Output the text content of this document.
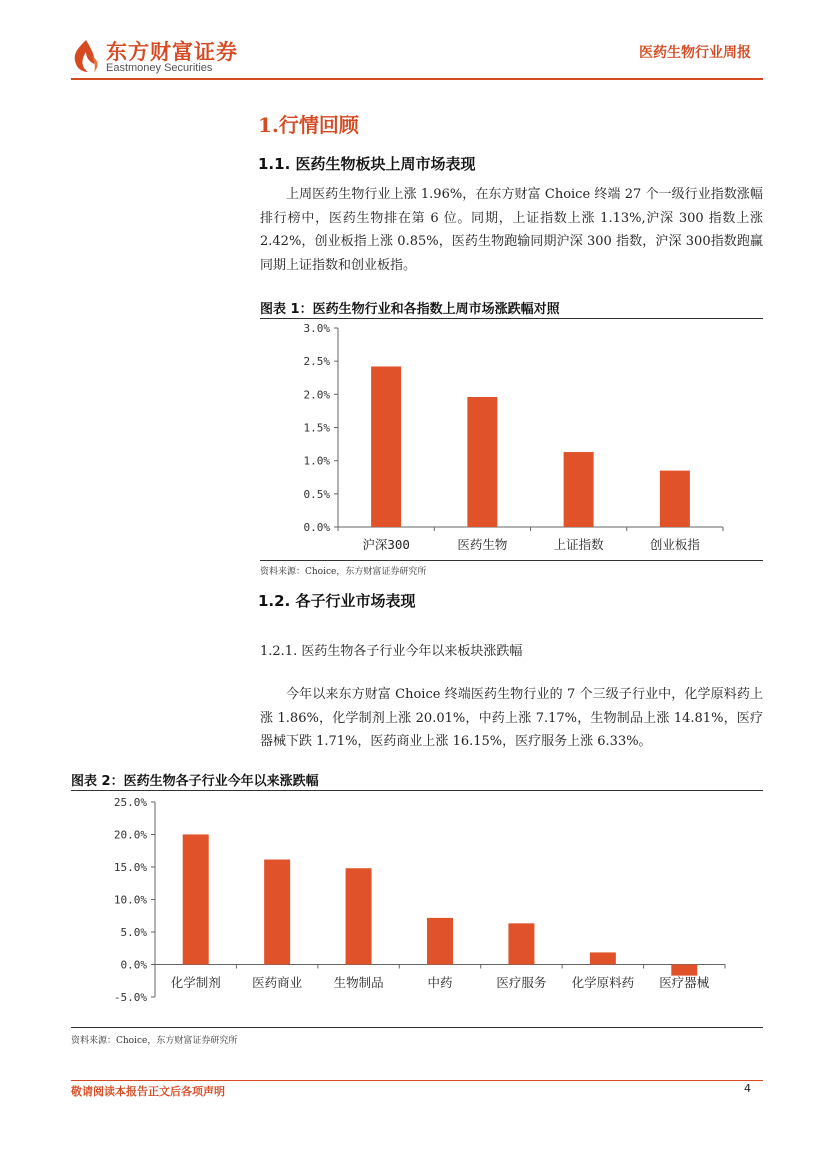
东方财富证券
Eastmoney Securities
医药生物行业周报
1.行情回顾
1.1. 医药生物板块上周市场表现
上周医药生物行业上涨 1.96%，在东方财富 Choice 终端 27 个一级行业指数涨幅排行榜中，医药生物排在第 6 位。同期，上证指数上涨 1.13%,沪深 300 指数上涨 2.42%，创业板指上涨 0.85%，医药生物跑输同期沪深 300 指数，沪深 300指数跑赢同期上证指数和创业板指。
图表 1：医药生物行业和各指数上周市场涨跌幅对照
0.0%
0.5%
1.0%
1.5%
2.0%
2.5%
3.0%
沪深300	医药生物	上证指数	创业板指
资料来源：Choice，东方财富证券研究所
1.2. 各子行业市场表现
1.2.1. 医药生物各子行业今年以来板块涨跌幅
今年以来东方财富 Choice 终端医药生物行业的 7 个三级子行业中，化学原料药上涨 1.86%，化学制剂上涨 20.01%，中药上涨 7.17%，生物制品上涨 14.81%，医疗器械下跌 1.71%，医药商业上涨 16.15%，医疗服务上涨 6.33%。
图表 2：医药生物各子行业今年以来涨跌幅
-5.0%
0.0%
5.0%
10.0%
15.0%
20.0%
25.0%
化学制剂	医药商业	生物制品	中药	医疗服务 化学原料药 医疗器械
资料来源：Choice，东方财富证券研究所
敬请阅读本报告正文后各项声明	4
